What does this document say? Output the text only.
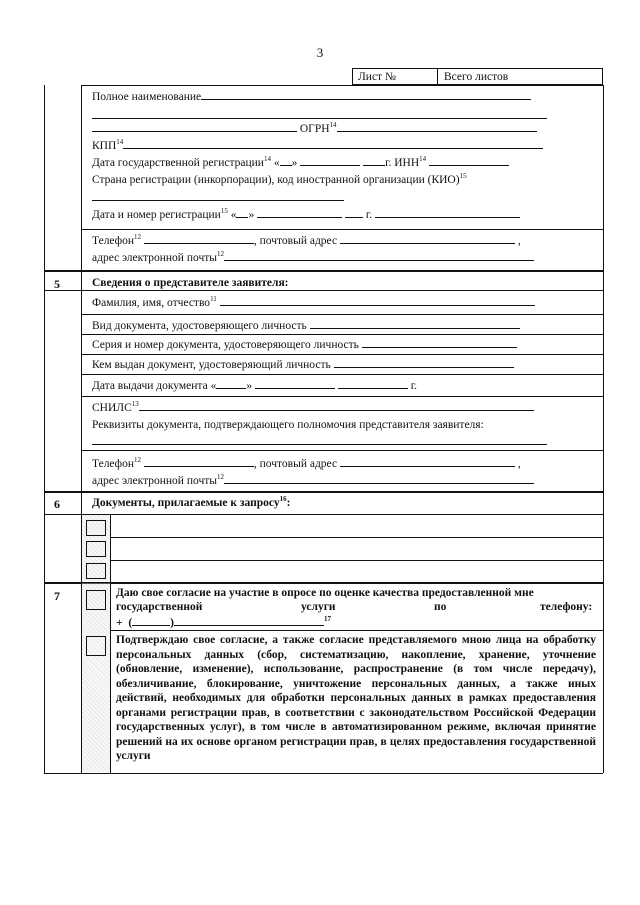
3
Лист №	Всего листов
Полное наименование
ОГРН$^{14}$
КПП$^{14}$
Дата государственной регистрации$^{14}$ « »	г. ИНН$^{14}$
Страна регистрации (инкорпорации), код иностранной организации (КИО)$^{15}$
Дата и номер регистрации$^{15}$ « »	г.
Телефон$^{12}$	, почтовый адрес	,
адрес электронной почты$^{12}$
5	Сведения о представителе заявителя:
Фамилия, имя, отчество$^{11}$
Вид документа, удостоверяющего личность
Серия и номер документа, удостоверяющего личность
Кем выдан документ, удостоверяющий личность
Дата выдачи документа «	»	г.
СНИЛС$^{13}$
Реквизиты документа, подтверждающего полномочия представителя заявителя:
Телефон$^{12}$	, почтовый адрес	,
адрес электронной почты$^{12}$
6	Документы, прилагаемые к запросу$^{16}$:
7	Даю свое согласие на участие в опросе по оценке качества предоставленной мне
государственной	услуги	по	телефону:
+  (	)	$^{17}$
Подтверждаю свое согласие, а также согласие представляемого мною лица на обработку персональных данных (сбор, систематизацию, накопление, хранение, уточнение (обновление, изменение), использование, распространение (в том числе передачу), обезличивание, блокирование, уничтожение персональных данных, а также иных действий, необходимых для обработки персональных данных в рамках предоставления органами регистрации прав, в соответствии с законодательством Российской Федерации государственных услуг), в том числе в автоматизированном режиме, включая принятие решений на их основе органом регистрации прав, в целях предоставления государственной услуги
